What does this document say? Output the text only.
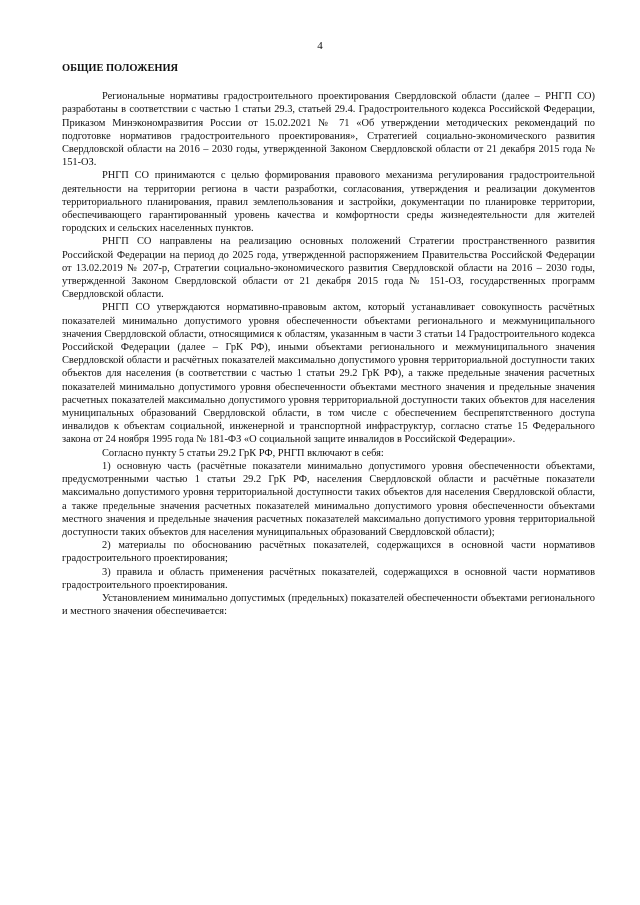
4
ОБЩИЕ ПОЛОЖЕНИЯ

Региональные нормативы градостроительного проектирования Свердловской области (далее – РНГП СО) разработаны в соответствии с частью 1 статьи 29.3, статьей 29.4. Градостроительного кодекса Российской Федерации, Приказом Минэкономразвития России от 15.02.2021 № 71 «Об утверждении методических рекомендаций по подготовке нормативов градостроительного проектирования», Стратегией социально-экономического развития Свердловской области на 2016 – 2030 годы, утвержденной Законом Свердловской области от 21 декабря 2015 года № 151-ОЗ.

РНГП СО принимаются с целью формирования правового механизма регулирования градостроительной деятельности на территории региона в части разработки, согласования, утверждения и реализации документов территориального планирования, правил землепользования и застройки, документации по планировке территории, обеспечивающего гарантированный уровень качества и комфортности среды жизнедеятельности для жителей городских и сельских населенных пунктов.

РНГП СО направлены на реализацию основных положений Стратегии пространственного развития Российской Федерации на период до 2025 года, утвержденной распоряжением Правительства Российской Федерации от 13.02.2019 № 207-р, Стратегии социально-экономического развития Свердловской области на 2016 – 2030 годы, утвержденной Законом Свердловской области от 21 декабря 2015 года № 151-ОЗ, государственных программ Свердловской области.

РНГП СО утверждаются нормативно-правовым актом, который устанавливает совокупность расчётных показателей минимально допустимого уровня обеспеченности объектами регионального и межмуниципального значения Свердловской области, относящимися к областям, указанным в части 3 статьи 14 Градостроительного кодекса Российской Федерации (далее – ГрК РФ), иными объектами регионального и межмуниципального значения Свердловской области и расчётных показателей максимально допустимого уровня территориальной доступности таких объектов для населения (в соответствии с частью 1 статьи 29.2 ГрК РФ), а также предельные значения расчетных показателей минимально допустимого уровня обеспеченности объектами местного значения и предельные значения расчетных показателей максимально допустимого уровня территориальной доступности таких объектов для населения муниципальных образований Свердловской области, в том числе с обеспечением беспрепятственного доступа инвалидов к объектам социальной, инженерной и транспортной инфраструктур, согласно статье 15 Федерального закона от 24 ноября 1995 года № 181-ФЗ «О социальной защите инвалидов в Российской Федерации».

Согласно пункту 5 статьи 29.2 ГрК РФ, РНГП включают в себя:

1) основную часть (расчётные показатели минимально допустимого уровня обеспеченности объектами, предусмотренными частью 1 статьи 29.2 ГрК РФ, населения Свердловской области и расчётные показатели максимально допустимого уровня территориальной доступности таких объектов для населения Свердловской области, а также предельные значения расчетных показателей минимально допустимого уровня обеспеченности объектами местного значения и предельные значения расчетных показателей максимально допустимого уровня территориальной доступности таких объектов для населения муниципальных образований Свердловской области);

2) материалы по обоснованию расчётных показателей, содержащихся в основной части нормативов градостроительного проектирования;

3) правила и область применения расчётных показателей, содержащихся в основной части нормативов градостроительного проектирования.

Установлением минимально допустимых (предельных) показателей обеспеченности объектами регионального и местного значения обеспечивается:
